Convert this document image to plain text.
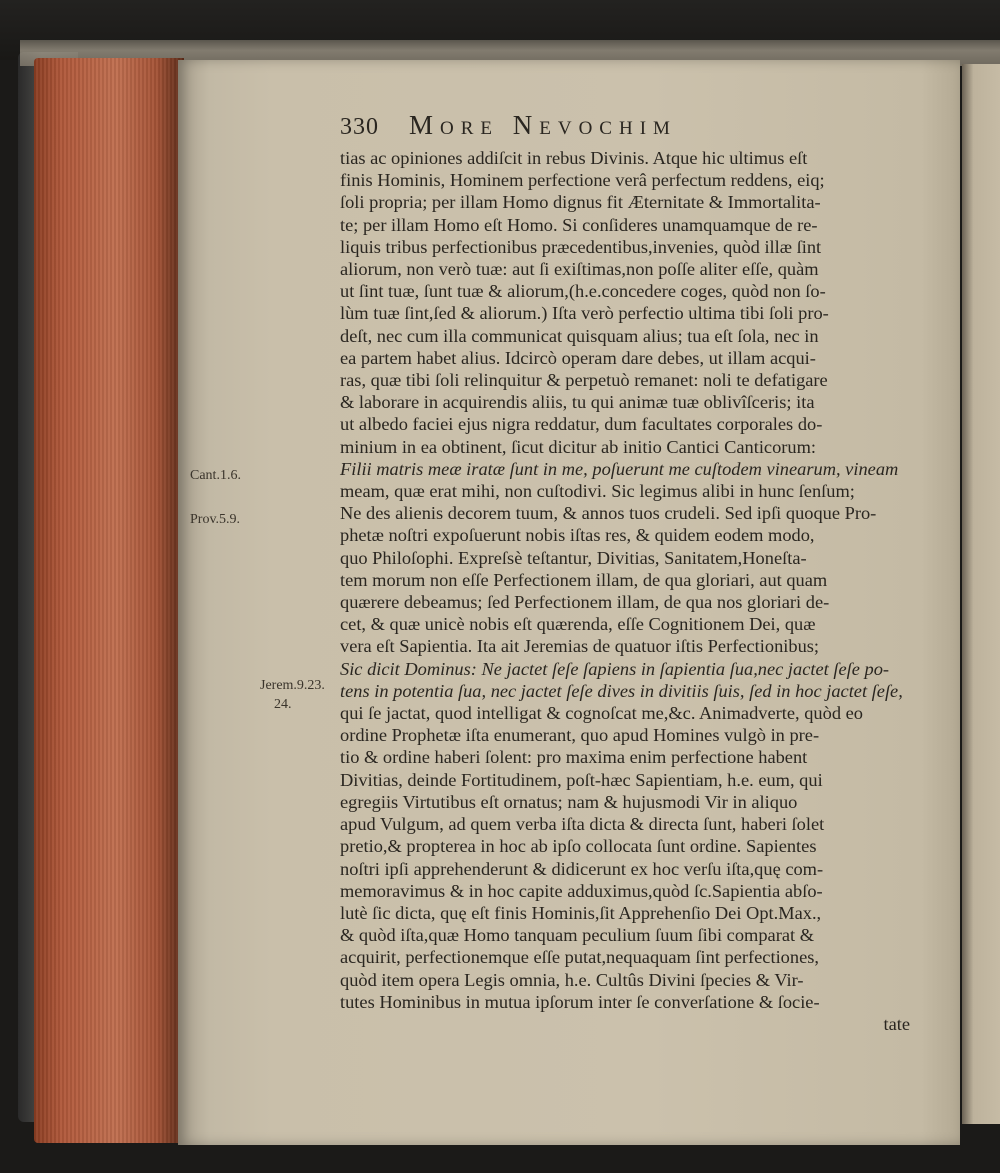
330 More Nevochim
Cant.1.6.
Prov.5.9.
Jerem.9.23.
24.
tias ac opiniones addiſcit in rebus Divinis. Atque hic ultimus eſt
finis Hominis, Hominem perfectione verâ perfectum reddens, eiq;
ſoli propria; per illam Homo dignus fit Æternitate & Immortalita-
te; per illam Homo eſt Homo. Si conſideres unamquamque de re-
liquis tribus perfectionibus præcedentibus,invenies, quòd illæ ſint
aliorum, non verò tuæ: aut ſi exiſtimas,non poſſe aliter eſſe, quàm
ut ſint tuæ, ſunt tuæ & aliorum,(h.e.concedere coges, quòd non ſo-
lùm tuæ ſint,ſed & aliorum.) Iſta verò perfectio ultima tibi ſoli pro-
deſt, nec cum illa communicat quisquam alius; tua eſt ſola, nec in
ea partem habet alius. Idcircò operam dare debes, ut illam acqui-
ras, quæ tibi ſoli relinquitur & perpetuò remanet: noli te defatigare
& laborare in acquirendis aliis, tu qui animæ tuæ oblivîſceris; ita
ut albedo faciei ejus nigra reddatur, dum facultates corporales do-
minium in ea obtinent, ſicut dicitur ab initio Cantici Canticorum:
Filii matris meæ iratæ ſunt in me, poſuerunt me cuſtodem vinearum, vineam
meam, quæ erat mihi, non cuſtodivi. Sic legimus alibi in hunc ſenſum;
Ne des alienis decorem tuum, & annos tuos crudeli. Sed ipſi quoque Pro-
phetæ noſtri expoſuerunt nobis iſtas res, & quidem eodem modo,
quo Philoſophi. Expreſsè teſtantur, Divitias, Sanitatem,Honeſta-
tem morum non eſſe Perfectionem illam, de qua gloriari, aut quam
quærere debeamus; ſed Perfectionem illam, de qua nos gloriari de-
cet, & quæ unicè nobis eſt quærenda, eſſe Cognitionem Dei, quæ
vera eſt Sapientia. Ita ait Jeremias de quatuor iſtis Perfectionibus;
Sic dicit Dominus: Ne jactet ſeſe ſapiens in ſapientia ſua,nec jactet ſeſe po-
tens in potentia ſua, nec jactet ſeſe dives in divitiis ſuis, ſed in hoc jactet ſeſe,
qui ſe jactat, quod intelligat & cognoſcat me,&c. Animadverte, quòd eo
ordine Prophetæ iſta enumerant, quo apud Homines vulgò in pre-
tio & ordine haberi ſolent: pro maxima enim perfectione habent
Divitias, deinde Fortitudinem, poſt-hæc Sapientiam, h.e. eum, qui
egregiis Virtutibus eſt ornatus; nam & hujusmodi Vir in aliquo
apud Vulgum, ad quem verba iſta dicta & directa ſunt, haberi ſolet
pretio,& propterea in hoc ab ipſo collocata ſunt ordine. Sapientes
noſtri ipſi apprehenderunt & didicerunt ex hoc verſu iſta,quę com-
memoravimus & in hoc capite adduximus,quòd ſc.Sapientia abſo-
lutè ſic dicta, quę eſt finis Hominis,ſit Apprehenſio Dei Opt.Max.,
& quòd iſta,quæ Homo tanquam peculium ſuum ſibi comparat &
acquirit, perfectionemque eſſe putat,nequaquam ſint perfectiones,
quòd item opera Legis omnia, h.e. Cultûs Divini ſpecies & Vir-
tutes Hominibus in mutua ipſorum inter ſe converſatione & ſocie-
tate
